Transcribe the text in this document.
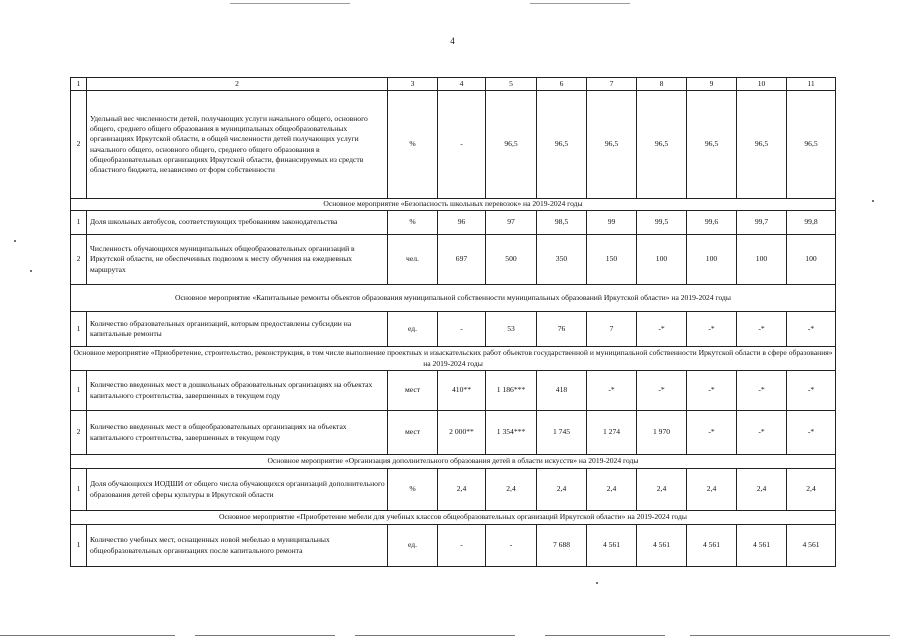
4
1	2	3	4	5	6	7	8	9	10	11
2	Удельный вес численности детей, получающих услуги начального общего, основного общего, среднего общего образования в муниципальных общеобразовательных организациях Иркутской области, в общей численности детей получающих услуги начального общего, основного общего, среднего общего образования в общеобразовательных организациях Иркутской области, финансируемых из средств областного бюджета, независимо от форм собственности	%	-	96,5	96,5	96,5	96,5	96,5	96,5	96,5
Основное мероприятие «Безопасность школьных перевозок» на 2019-2024 годы										
1	Доля школьных автобусов, соответствующих требованиям законодательства	%	96	97	98,5	99	99,5	99,6	99,7	99,8
2	Численность обучающихся муниципальных общеобразовательных организаций в Иркутской области, не обеспеченных подвозом к месту обучения на ежедневных маршрутах	чел.	697	500	350	150	100	100	100	100
Основное мероприятие «Капитальные ремонты объектов образования муниципальной собственности муниципальных образований Иркутской области» на 2019-2024 годы										
1	Количество образовательных организаций, которым предоставлены субсидии на капитальные ремонты	ед.	-	53	76	7	-*	-*	-*	-*
Основное мероприятие «Приобретение, строительство, реконструкция, в том числе выполнение проектных и изыскательских работ объектов государственной и муниципальной собственности Иркутской области в сфере образования» на 2019-2024 годы										
1	Количество введенных мест в дошкольных образовательных организациях на объектах капитального строительства, завершенных в текущем году	мест	410**	1 186***	418	-*	-*	-*	-*	-*
2	Количество введенных мест в общеобразовательных организациях на объектах капитального строительства, завершенных в текущем году	мест	2 000**	1 354***	1 745	1 274	1 970	-*	-*	-*
Основное мероприятие «Организация дополнительного образования детей в области искусств» на 2019-2024 годы										
1	Доля обучающихся ИОДШИ от общего числа обучающихся организаций дополнительного образования детей сферы культуры в Иркутской области	%	2,4	2,4	2,4	2,4	2,4	2,4	2,4	2,4
Основное мероприятие «Приобретение мебели для учебных классов общеобразовательных организаций Иркутской области» на 2019-2024 годы										
1	Количество учебных мест, оснащенных новой мебелью в муниципальных общеобразовательных организациях после капитального ремонта	ед.	-	-	7 688	4 561	4 561	4 561	4 561	4 561
